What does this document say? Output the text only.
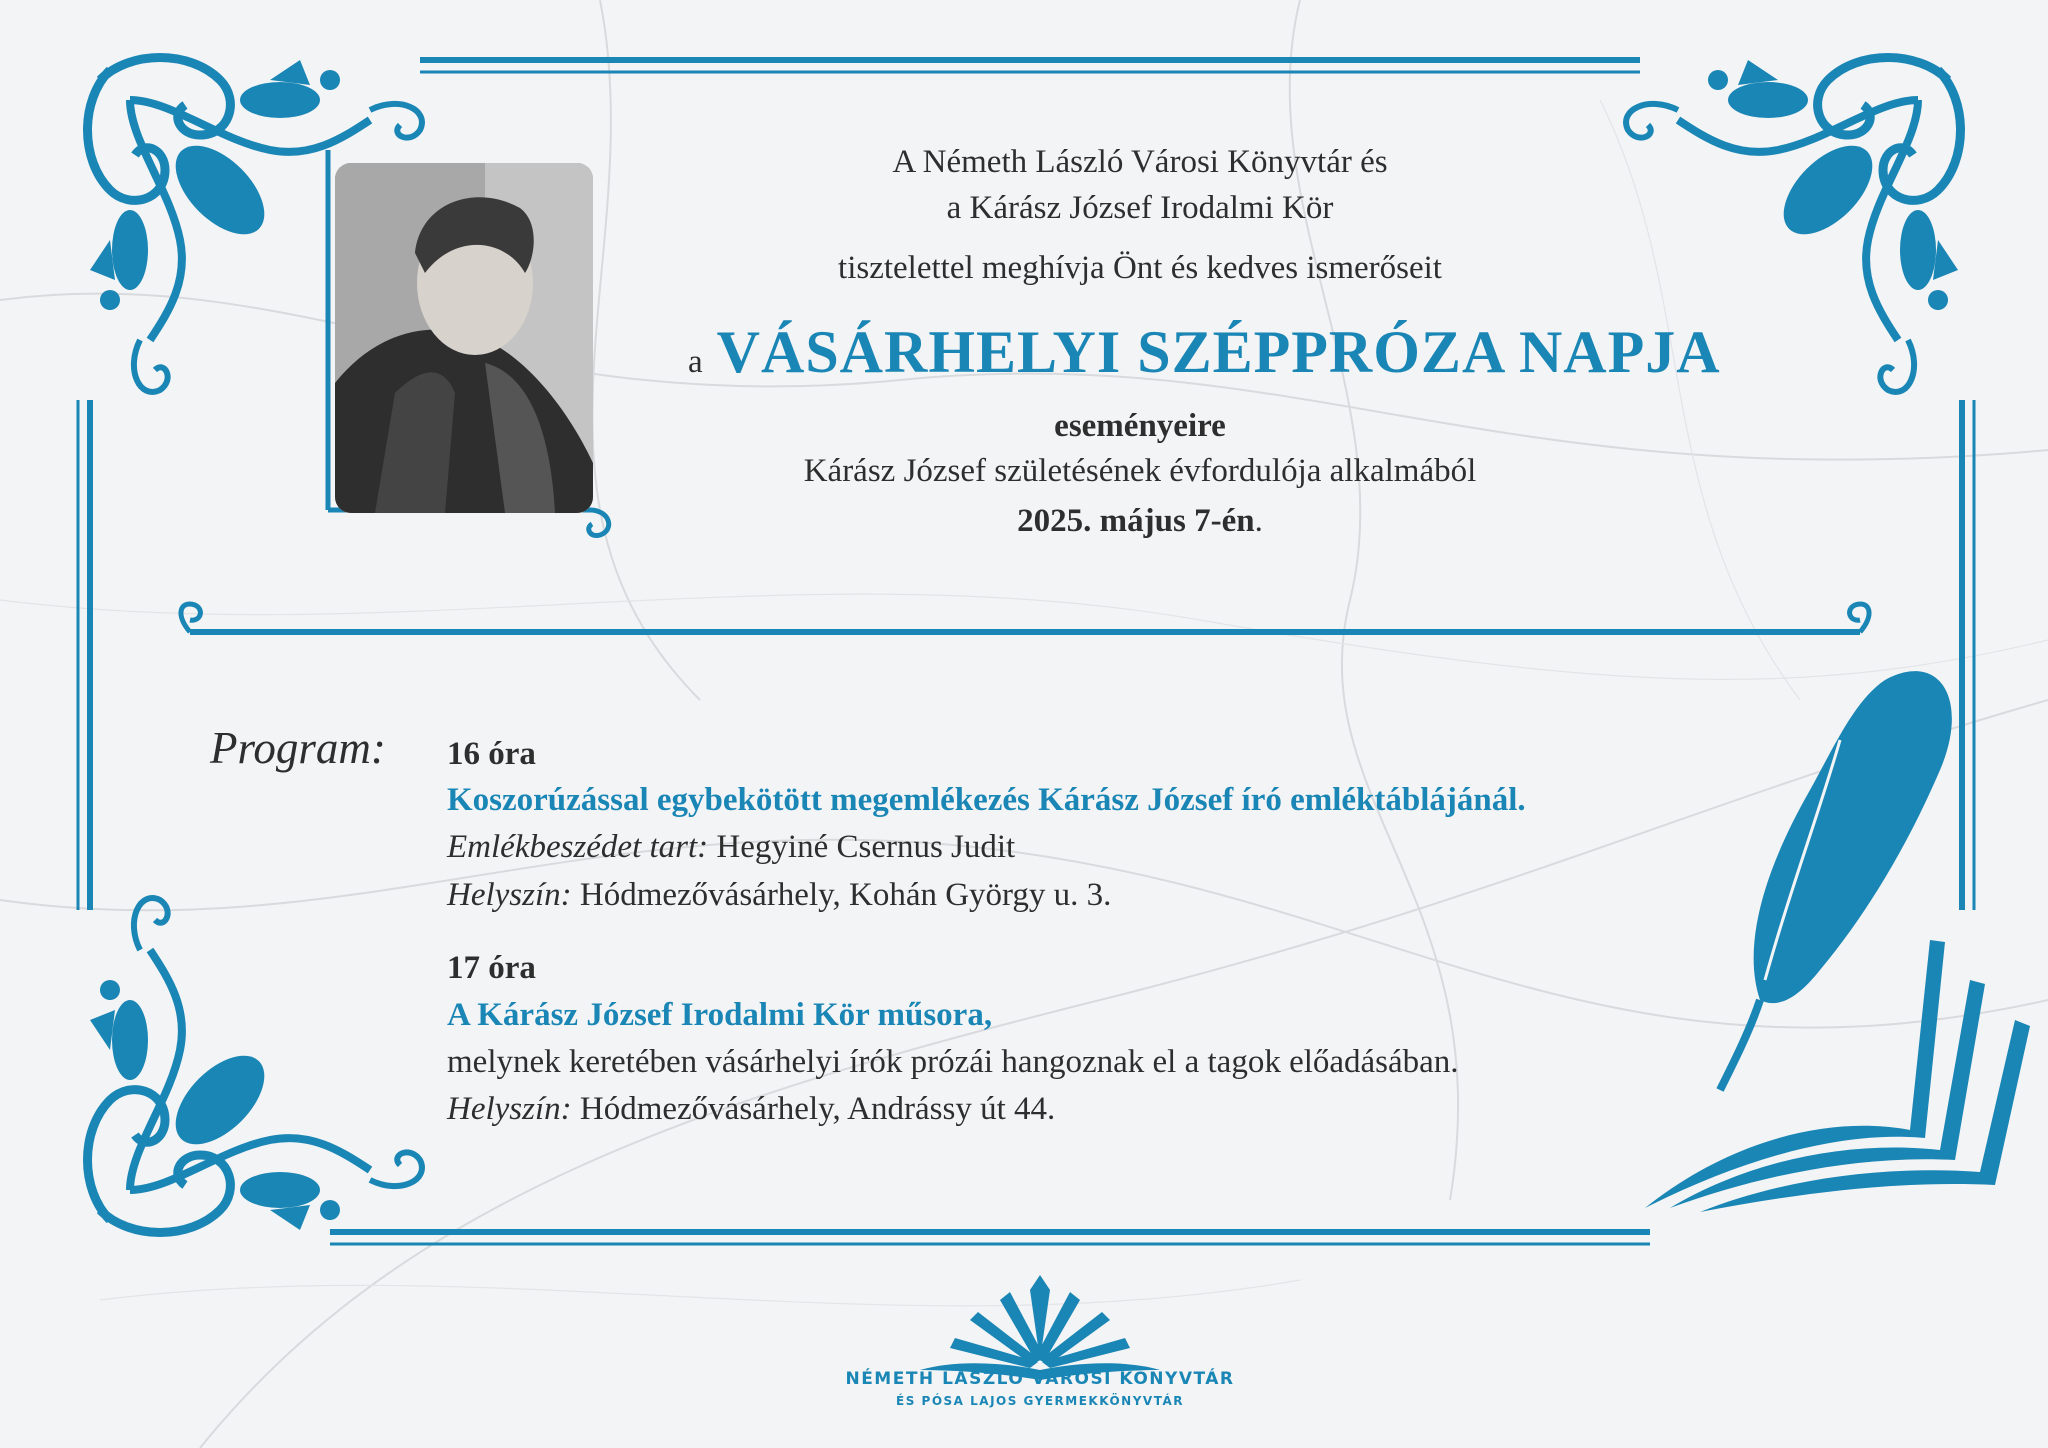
A Németh László Városi Könyvtár és
a Kárász József Irodalmi Kör
tisztelettel meghívja Önt és kedves ismerőseit
a VÁSÁRHELYI SZÉPPRÓZA NAPJA
eseményeire
Kárász József születésének évfordulója alkalmából
2025. május 7-én.
Program: 16 óra
Koszorúzással egybekötött megemlékezés Kárász József író emléktáblájánál.
Emlékbeszédet tart: Hegyiné Csernus Judit
Helyszín: Hódmezővásárhely, Kohán György u. 3.
17 óra
A Kárász József Irodalmi Kör műsora,
melynek keretében vásárhelyi írók prózái hangoznak el a tagok előadásában.
Helyszín: Hódmezővásárhely, Andrássy út 44.
NÉMETH LÁSZLÓ VÁROSI KÖNYVTÁR
ÉS PÓSA LAJOS GYERMEKKÖNYVTÁR
